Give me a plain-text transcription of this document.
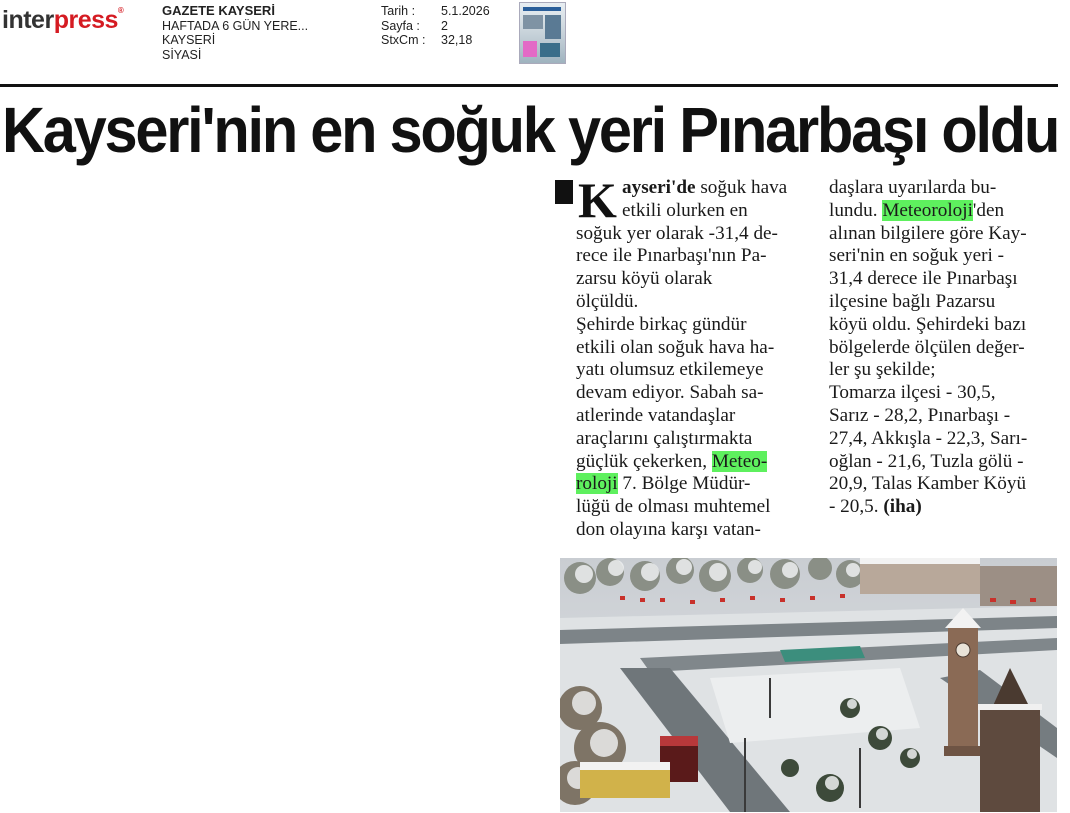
interpress®	GAZETE KAYSERİ
HAFTADA 6 GÜN YERE...
KAYSERİ
SİYASİ
Tarih :	5.1.2026
Sayfa :	2
StxCm :	32,18
Kayseri'nin en soğuk yeri Pınarbaşı oldu
K ayseri'de soğuk hava
etkili olurken en
soğuk yer olarak -31,4 de-
rece ile Pınarbaşı'nın Pa-
zarsu köyü olarak
ölçüldü.
Şehirde birkaç gündür
etkili olan soğuk hava ha-
yatı olumsuz etkilemeye
devam ediyor. Sabah sa-
atlerinde vatandaşlar
araçlarını çalıştırmakta
güçlük çekerken, Meteo-
roloji 7. Bölge Müdür-
lüğü de olması muhtemel
don olayına karşı vatan-
daşlara uyarılarda bu-
lundu. Meteoroloji'den
alınan bilgilere göre Kay-
seri'nin en soğuk yeri -
31,4 derece ile Pınarbaşı
ilçesine bağlı Pazarsu
köyü oldu. Şehirdeki bazı
bölgelerde ölçülen değer-
ler şu şekilde;
Tomarza ilçesi - 30,5,
Sarız - 28,2, Pınarbaşı -
27,4, Akkışla - 22,3, Sarı-
oğlan - 21,6, Tuzla gölü -
20,9, Talas Kamber Köyü
- 20,5. (iha)
